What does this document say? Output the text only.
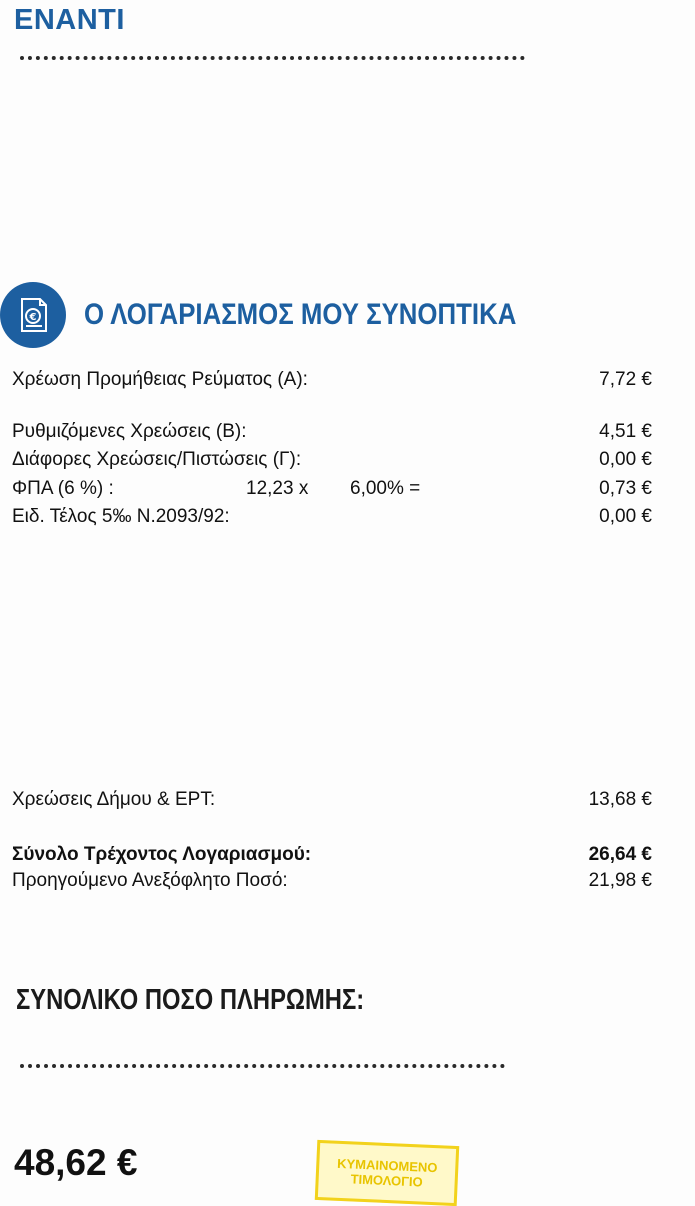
ΕΝΑΝΤΙ
€ Ο ΛΟΓΑΡΙΑΣΜΟΣ ΜΟΥ ΣΥΝΟΠΤΙΚΑ
Χρέωση Προμήθειας Ρεύματος (Α):	7,72 €
Ρυθμιζόμενες Χρεώσεις (Β):	4,51 €
Διάφορες Χρεώσεις/Πιστώσεις (Γ):	0,00 €
ΦΠΑ (6 %) :	12,23 x 6,00% =	0,73 €
Ειδ. Τέλος 5‰ Ν.2093/92:	0,00 €
Χρεώσεις Δήμου & ΕΡΤ:	13,68 €
Σύνολο Τρέχοντος Λογαριασμού:	26,64 €
Προηγούμενο Ανεξόφλητο Ποσό:	21,98 €
ΣΥΝΟΛΙΚΟ ΠΟΣΟ ΠΛΗΡΩΜΗΣ:
48,62 €	ΚΥΜΑΙΝΟΜΕΝΟ
ΤΙΜΟΛΟΓΙΟ
